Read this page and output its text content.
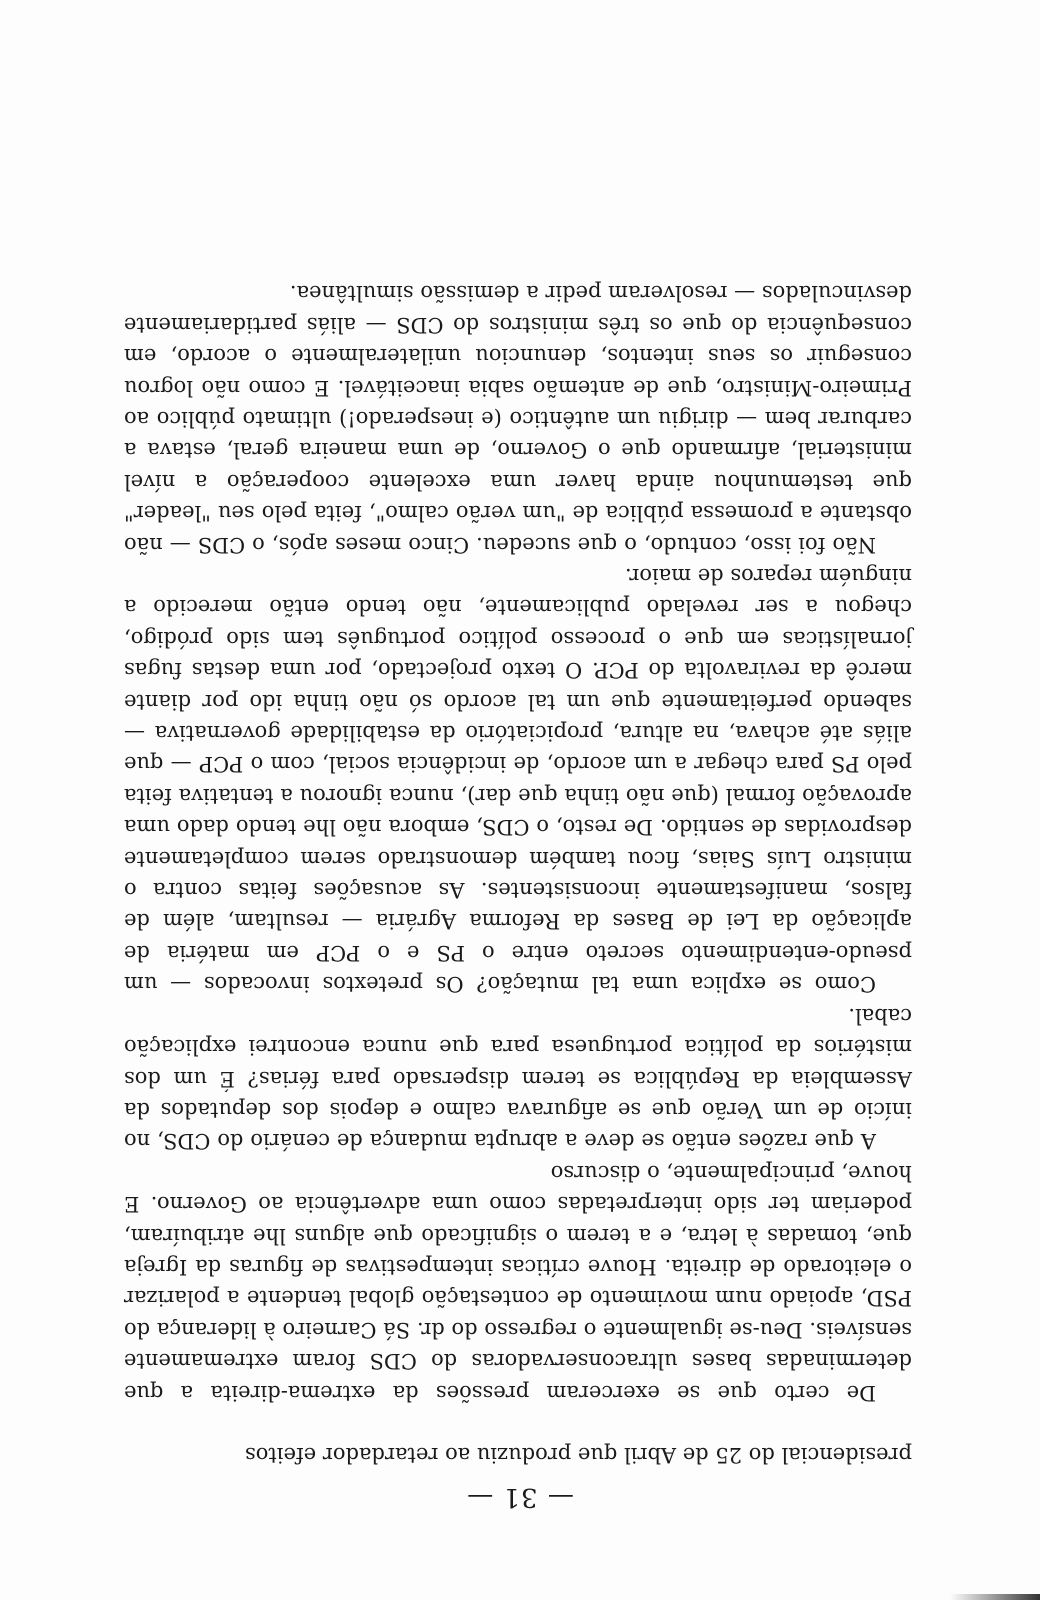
— 31 —

presidencial do 25 de Abril que produziu ao retardador efeitos

De certo que se exerceram pressões da extrema-direita a que determinadas bases ultraconservadoras do CDS foram extremamente sensíveis. Deu-se igualmente o regresso do dr. Sá Carneiro à liderança do PSD, apoiado num movimento de contestação global tendente a polarizar o eleitorado de direita. Houve críticas intempestivas de figuras da Igreja que, tomadas à letra, e a terem o significado que alguns lhe atribuíram, poderiam ter sido interpretadas como uma advertência ao Governo. E houve, principalmente, o discurso

A que razões então se deve a abrupta mudança de cenário do CDS, no início de um Verão que se afigurava calmo e depois dos deputados da Assembleia da República se terem dispersado para férias? É um dos mistérios da política portuguesa para que nunca encontrei explicação cabal.

Como se explica uma tal mutação? Os pretextos invocados — um pseudo-entendimento secreto entre o PS e o PCP em matéria de aplicação da Lei de Bases da Reforma Agrária — resultam, além de falsos, manifestamente inconsistentes. As acusações feitas contra o ministro Luís Saias, ficou também demonstrado serem completamente desprovidas de sentido. De resto, o CDS, embora não lhe tendo dado uma aprovação formal (que não tinha que dar), nunca ignorou a tentativa feita pelo PS para chegar a um acordo, de incidência social, com o PCP — que aliás até achava, na altura, propiciatório da estabilidade governativa — sabendo perfeitamente que um tal acordo só não tinha ido por diante mercê da reviravolta do PCP. O texto projectado, por uma destas fugas jornalísticas em que o processo político português tem sido pródigo, chegou a ser revelado publicamente, não tendo então merecido a ninguém reparos de maior.

Não foi isso, contudo, o que sucedeu. Cinco meses após, o CDS — não obstante a promessa pública de "um verão calmo", feita pelo seu "leader" que testemunhou ainda haver uma excelente cooperação a nível ministerial, afirmando que o Governo, de uma maneira geral, estava a carburar bem — dirigiu um autêntico (e inesperado!) ultimato público ao Primeiro-Ministro, que de antemão sabia inaceitável. E como não logrou conseguir os seus intentos, denunciou unilateralmente o acordo, em consequência do que os três ministros do CDS — aliás partidariamente desvinculados — resolveram pedir a demissão simultânea.
